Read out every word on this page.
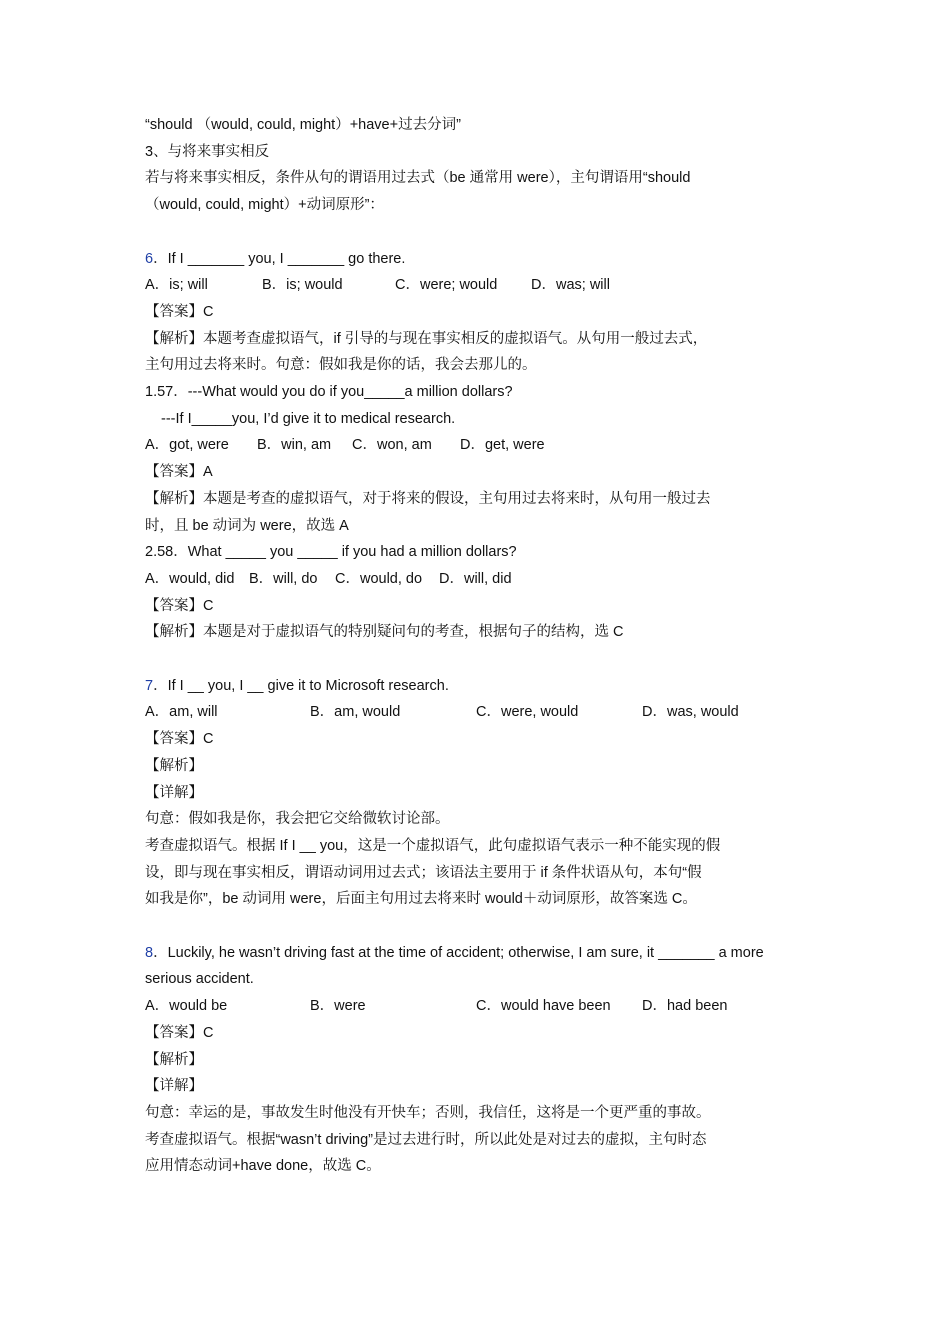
“should （would, could, might）+have+过去分词”
3、与将来事实相反
若与将来事实相反，条件从句的谓语用过去式（be 通常用 were），主句谓语用“should
（would, could, might）+动词原形”：
6．If I _______ you, I _______ go there.
A．is; will	B．is; would	C．were; would	D．was; will
【答案】C
【解析】本题考查虚拟语气，if 引导的与现在事实相反的虚拟语气。从句用一般过去式，
主句用过去将来时。句意：假如我是你的话，我会去那儿的。
1.57．---What would you do if you_____a million dollars?
---If I_____you, I’d give it to medical research.
A．got, were	B．win, am	C．won, am	D．get, were
【答案】A
【解析】本题是考查的虚拟语气，对于将来的假设，主句用过去将来时，从句用一般过去
时，且 be 动词为 were，故选 A
2.58．What _____ you _____ if you had a million dollars?
A．would, did	B．will, do	C．would, do	D．will, did
【答案】C
【解析】本题是对于虚拟语气的特别疑问句的考查，根据句子的结构，选 C
7．If I __ you, I __ give it to Microsoft research.
A．am, will	B．am, would	C．were, would	D．was, would
【答案】C
【解析】
【详解】
句意：假如我是你，我会把它交给微软讨论部。
考查虚拟语气。根据 If I __ you，这是一个虚拟语气，此句虚拟语气表示一种不能实现的假
设，即与现在事实相反，谓语动词用过去式；该语法主要用于 if 条件状语从句，本句“假
如我是你”，be 动词用 were，后面主句用过去将来时 would＋动词原形，故答案选 C。
8．Luckily, he wasn’t driving fast at the time of accident; otherwise, I am sure, it _______ a more
serious accident.
A．would be	B．were	C．would have been	D．had been
【答案】C
【解析】
【详解】
句意：幸运的是，事故发生时他没有开快车；否则，我信任，这将是一个更严重的事故。
考查虚拟语气。根据“wasn’t driving”是过去进行时，所以此处是对过去的虚拟，主句时态
应用情态动词+have done，故选 C。
